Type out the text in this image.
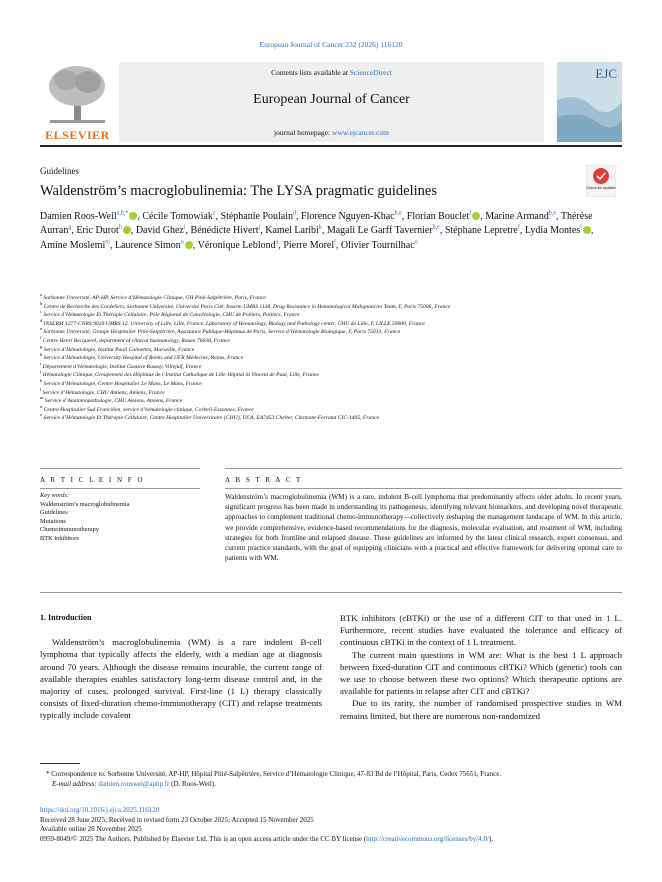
European Journal of Cancer 232 (2026) 116120
ELSEVIER
Contents lists available at ScienceDirect
European Journal of Cancer
journal homepage: www.ejcancer.com
EJC
Guidelines
Waldenström’s macroglobulinemia: The LYSA pragmatic guidelines	Check for updates
Damien Roos-Weil$^{a,b,*}$ , Cécile Tomowiak$^c$, Stéphanie Poulain$^d$, Florence Nguyen-Khac$^{b,e}$, Florian Bouclet$^f$ , Marine Armand$^{b,e}$, Thérèse Aurran$^g$, Eric Durot$^h$ , David Ghez$^i$, Bénédicte Hivert$^j$, Kamel Laribi$^k$, Magali Le Garff Tavernier$^{b,e}$, Stéphane Lepretre$^f$, Lydia Montes$^l$ , Amine Moslemi$^m$, Laurence Simon$^n$ , Véronique Leblond$^a$, Pierre Morel$^l$, Olivier Tournilhac$^o$
$^a$ Sorbonne Université, AP-HP, Service d’Hématologie Clinique, GH Pitié-Salpêtrière, Paris, France
$^b$ Centre de Recherche des Cordeliers, Sorbonne Université, Université Paris Cité, Inserm UMRS 1138, Drug Resistance in Hematological Malignancies Team, F, Paris 75006, France
$^c$ Service d’Hématologie Et Thérapie Cellulaire, Pôle Régional de Cancérologie, CHU de Poitiers, Poitiers, France
$^d$ INSERM 1277-CNRS 9020 UMRS 12. University of Lille, Lille, France. Laboratory of Hematology, Biology and Pathology center, CHU de Lille, F, LILLE 59000, France
$^e$ Sorbonne Université, Groupe Hospitalier Pitié-Salpêtrière, Assistance Publique-Hôpitaux de Paris, Service d’Hématologie Biologique, F, Paris 75013, France
$^f$ Centre Henri Becquerel, department of clinical haematology, Rouen 76038, France
$^g$ Service d’Hématologie, Institut Paoli Calmettes, Marseille, France
$^h$ Service d’Hématologie, University Hospital of Reims and UFR Médecine, Reims, France
$^i$ Département d’Hématologie, Institut Gustave Roussy, Villejuif, France
$^j$ Hématologie Clinique, Groupement des Hôpitaux de l’Institut Catholique de Lille Hôpital St Vincent de Paul, Lille, France
$^k$ Service d’Hématologie, Centre Hospitalier Le Mans, Le Mans, France
$^l$ Service d’Hématologie, CHU Amiens, Amiens, France
$^m$ Service d’Anatomopathologie, CHU Amiens, Amiens, France
$^n$ Centre Hospitalier Sud Francilien, service d’hématologie clinique, Corbeil-Essonnes, France
$^o$ Service d’Hématologie Et Thérapie Cellulaire, Centre Hospitalier Universitaire (CHU), UCA, EA7453 Chelter, Clermont-Ferrand CIC-1405, France
A R T I C L E I N F O	A B S T R A C T
Key words:
Waldenström’s macroglobulinemia
Guidelines
Mutations
Chemoimmunotherapy
BTK inhibitors
Waldenström’s macroglobulinemia (WM) is a rare, indolent B-cell lymphoma that predominantly affects older adults. In recent years, significant progress has been made in understanding its pathogenesis, identifying relevant biomarkers, and developing novel therapeutic approaches to complement traditional chemo-immunotherapy—collectively reshaping the management landscape of WM. In this article, we provide comprehensive, evidence-based recommendations for the diagnosis, molecular evaluation, and treatment of WM, including strategies for both frontline and relapsed disease. These guidelines are informed by the latest clinical research, expert consensus, and current practice standards, with the goal of equipping clinicians with a practical and effective framework for delivering optimal care to patients with WM.
1. Introduction

Waldenström’s macroglobulinemia (WM) is a rare indolent B-cell lymphoma that typically affects the elderly, with a median age at diagnosis around 70 years. Although the disease remains incurable, the current range of available therapies enables satisfactory long-term disease control and, in the majority of cases, prolonged survival. First-line (1 L) therapy classically consists of fixed-duration chemo-immunotherapy (CIT) and relapse treatments typically include covalent

BTK inhibitors (cBTKi) or the use of a different CIT to that used in 1 L. Furthermore, recent studies have evaluated the tolerance and efficacy of continuous cBTKi in the context of 1 L treatment.

The current main questions in WM are: What is the best 1 L approach between fixed-duration CIT and continuous cBTKi? Which (genetic) tools can we use to choose between these two options? Which therapeutic options are available for patients in relapse after CIT and cBTKi?

Due to its rarity, the number of randomised prospective studies in WM remains limited, but there are numerous non-randomized

* Correspondence to. Sorbonne Université, AP-HP, Hôpital Pitié-Salpêtrière, Service d’Hématologie Clinique, 47-83 Bd de l’Hôpital, Paris, Cedex 75651, France.
E-mail address: damien.rooswei@aphp.fr (D. Roos-Weil).
https://doi.org/10.1016/j.ejca.2025.116120
Received 28 June 2025; Received in revised form 23 October 2025; Accepted 15 November 2025
Available online 28 November 2025
0959-8049/© 2025 The Authors. Published by Elsevier Ltd. This is an open access article under the CC BY license (http://creativecommons.org/licenses/by/4.0/).
